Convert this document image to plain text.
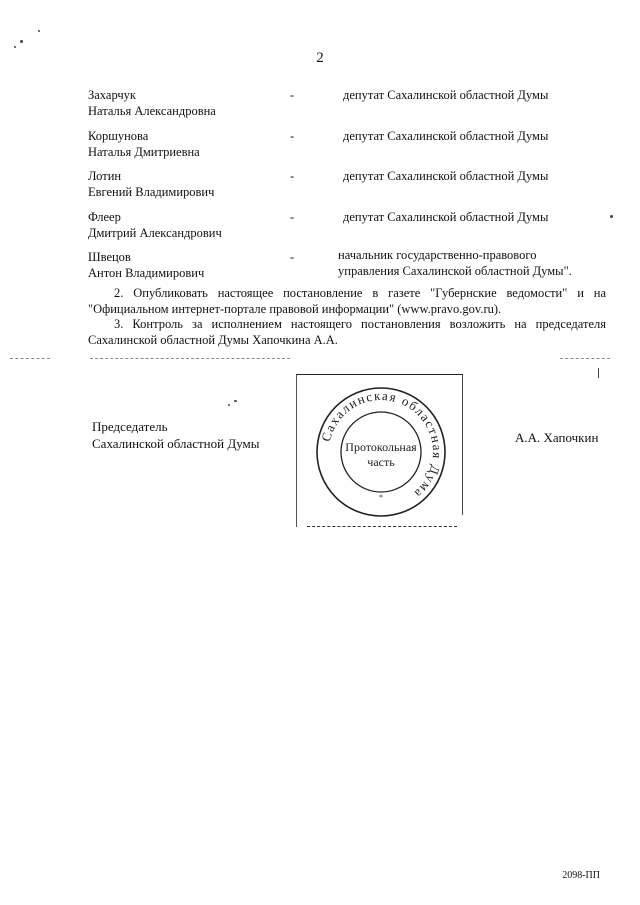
2
Захарчук
Наталья Александровна
-	депутат Сахалинской областной Думы
Коршунова
Наталья Дмитриевна
-	депутат Сахалинской областной Думы
Лотин
Евгений Владимирович
-	депутат Сахалинской областной Думы
Флеер
Дмитрий Александрович
-	депутат Сахалинской областной Думы
Швецов
Антон Владимирович
-	начальник государственно-правового
управления Сахалинской областной Думы".
2. Опубликовать настоящее постановление в газете "Губернские ведомости" и на "Официальном интернет-портале правовой информации" (www.pravo.gov.ru).
3. Контроль за исполнением настоящего постановления возложить на председателя Сахалинской областной Думы Хапочкина А.А.
Председатель
Сахалинской областной Думы	Сахалинская областная Дума
*
Протокольная
часть
А.А. Хапочкин
2098-ПП
